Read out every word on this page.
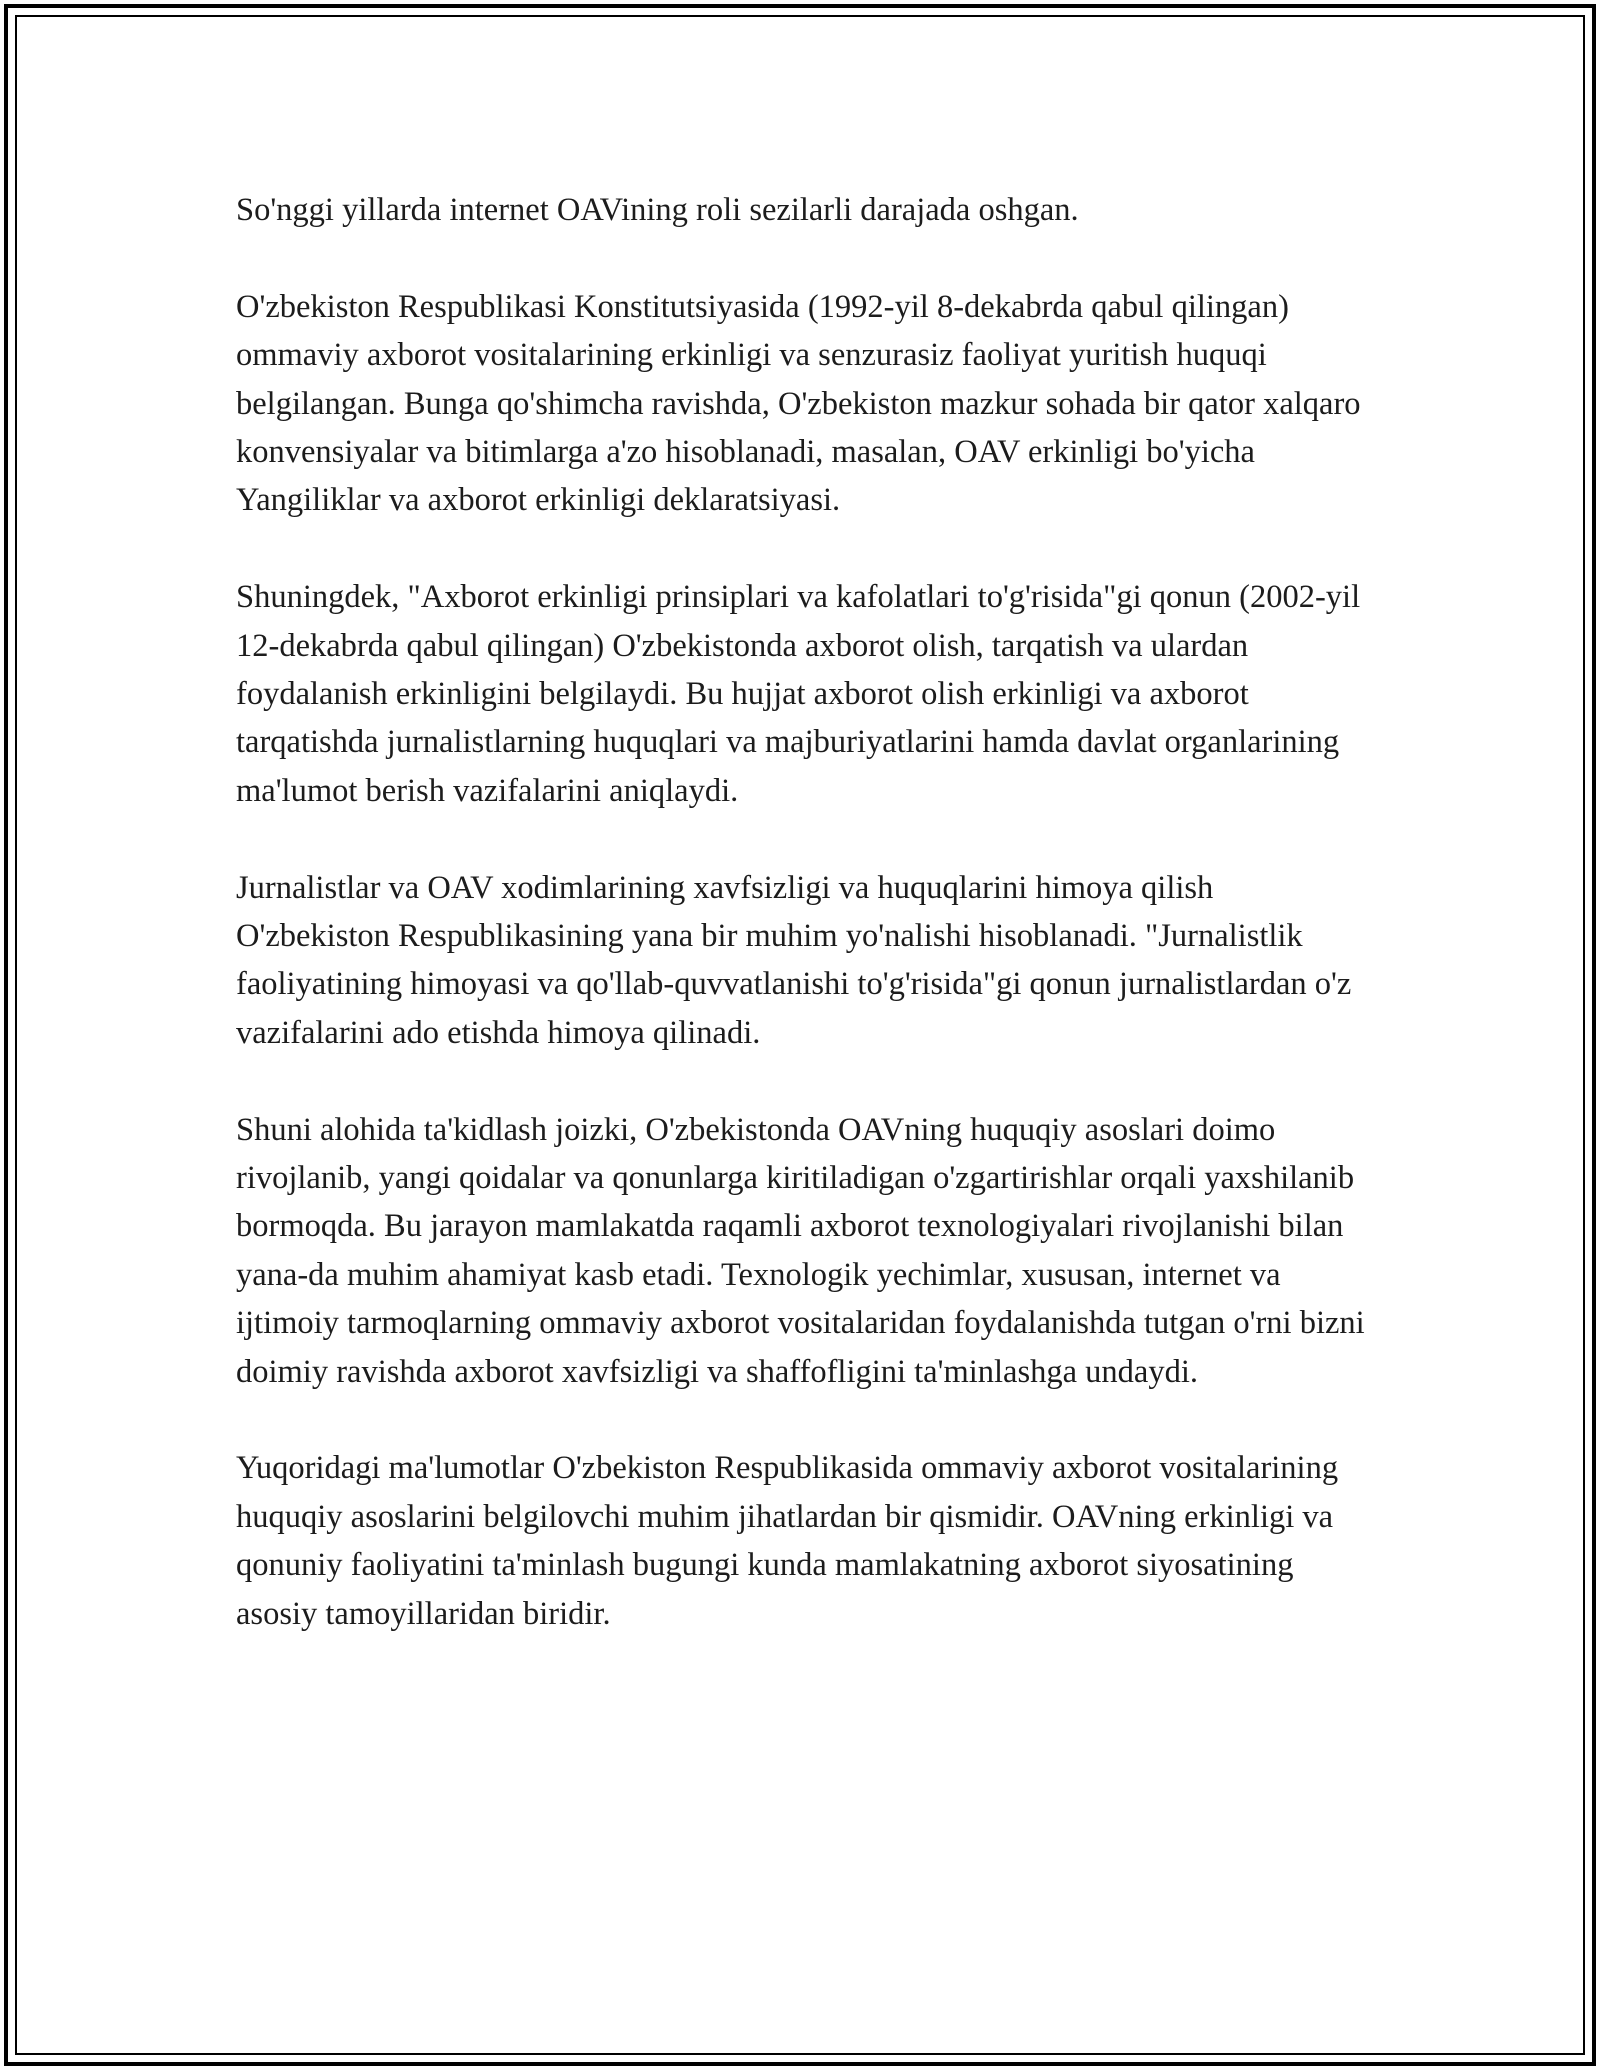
So'nggi yillarda internet OAVining roli sezilarli darajada oshgan.

O'zbekiston Respublikasi Konstitutsiyasida (1992-yil 8-dekabrda qabul qilingan) ommaviy axborot vositalarining erkinligi va senzurasiz faoliyat yuritish huquqi belgilangan. Bunga qo'shimcha ravishda, O'zbekiston mazkur sohada bir qator xalqaro konvensiyalar va bitimlarga a'zo hisoblanadi, masalan, OAV erkinligi bo'yicha Yangiliklar va axborot erkinligi deklaratsiyasi.

Shuningdek, "Axborot erkinligi prinsiplari va kafolatlari to'g'risida"gi qonun (2002-yil 12-dekabrda qabul qilingan) O'zbekistonda axborot olish, tarqatish va ulardan foydalanish erkinligini belgilaydi. Bu hujjat axborot olish erkinligi va axborot tarqatishda jurnalistlarning huquqlari va majburiyatlarini hamda davlat organlarining ma'lumot berish vazifalarini aniqlaydi.

Jurnalistlar va OAV xodimlarining xavfsizligi va huquqlarini himoya qilish O'zbekiston Respublikasining yana bir muhim yo'nalishi hisoblanadi. "Jurnalistlik faoliyatining himoyasi va qo'llab-quvvatlanishi to'g'risida"gi qonun jurnalistlardan o'z vazifalarini ado etishda himoya qilinadi.

Shuni alohida ta'kidlash joizki, O'zbekistonda OAVning huquqiy asoslari doimo rivojlanib, yangi qoidalar va qonunlarga kiritiladigan o'zgartirishlar orqali yaxshilanib bormoqda. Bu jarayon mamlakatda raqamli axborot texnologiyalari rivojlanishi bilan yana-da muhim ahamiyat kasb etadi. Texnologik yechimlar, xususan, internet va ijtimoiy tarmoqlarning ommaviy axborot vositalaridan foydalanishda tutgan o'rni bizni doimiy ravishda axborot xavfsizligi va shaffofligini ta'minlashga undaydi.

Yuqoridagi ma'lumotlar O'zbekiston Respublikasida ommaviy axborot vositalarining huquqiy asoslarini belgilovchi muhim jihatlardan bir qismidir. OAVning erkinligi va qonuniy faoliyatini ta'minlash bugungi kunda mamlakatning axborot siyosatining asosiy tamoyillaridan biridir.
